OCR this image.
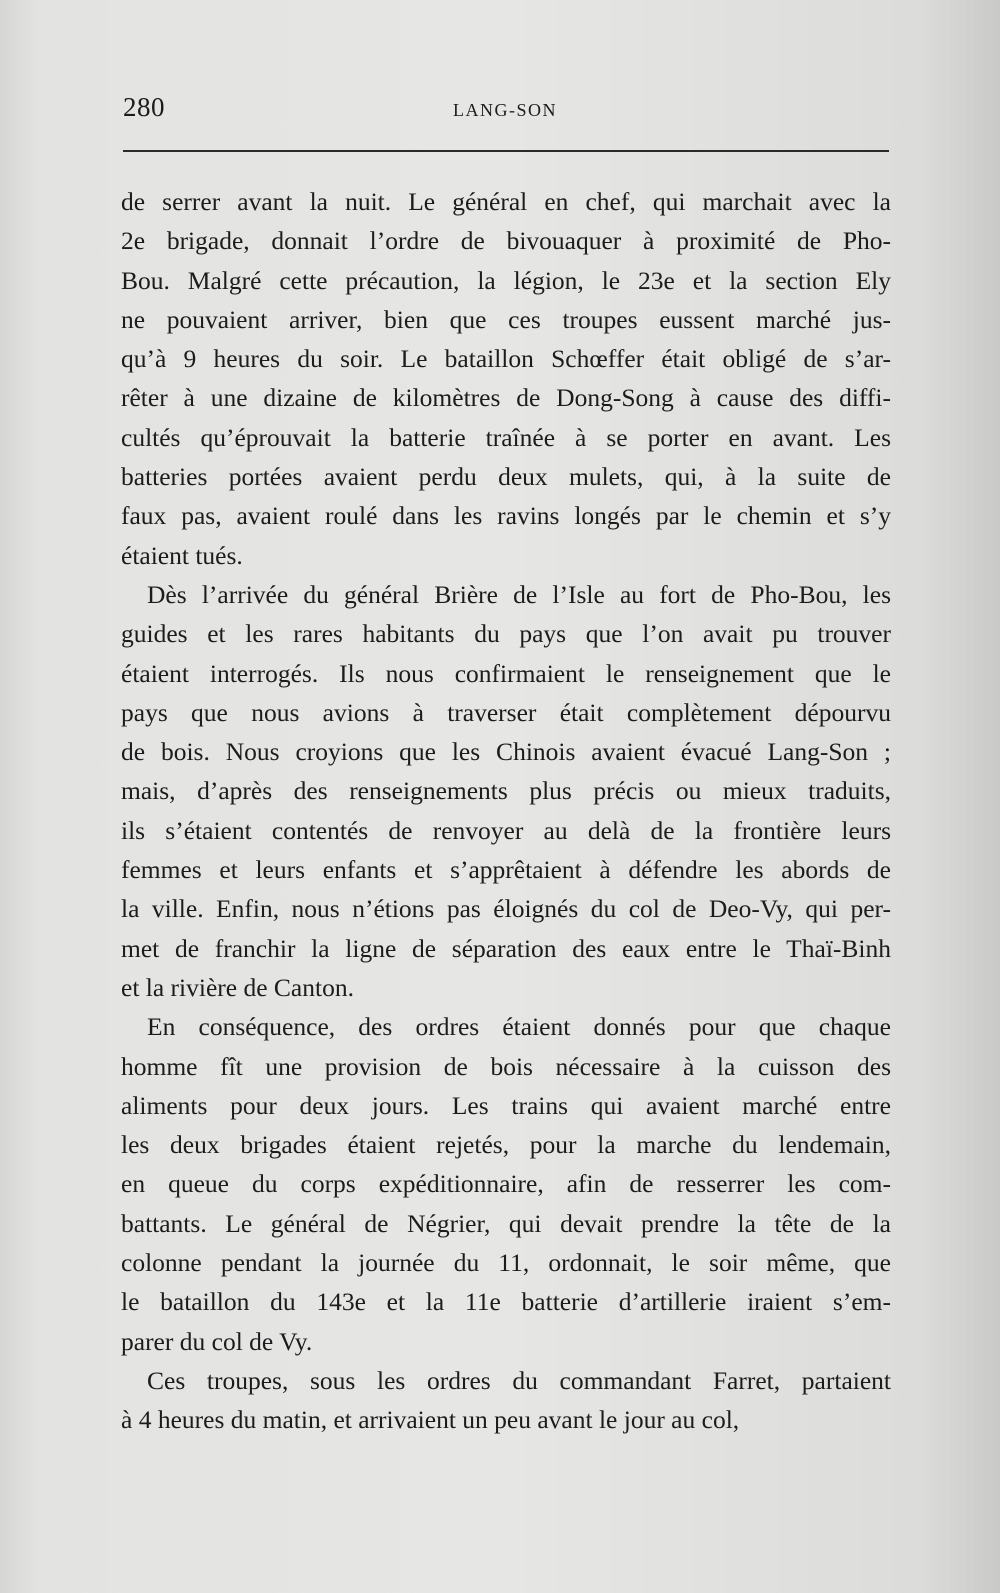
280	LANG-SON
de serrer avant la nuit. Le général en chef, qui marchait avec la
2e brigade, donnait l’ordre de bivouaquer à proximité de Pho-
Bou. Malgré cette précaution, la légion, le 23e et la section Ely
ne pouvaient arriver, bien que ces troupes eussent marché jus-
qu’à 9 heures du soir. Le bataillon Schœffer était obligé de s’ar-
rêter à une dizaine de kilomètres de Dong-Song à cause des diffi-
cultés qu’éprouvait la batterie traînée à se porter en avant. Les
batteries portées avaient perdu deux mulets, qui, à la suite de
faux pas, avaient roulé dans les ravins longés par le chemin et s’y
étaient tués.
Dès l’arrivée du général Brière de l’Isle au fort de Pho-Bou, les
guides et les rares habitants du pays que l’on avait pu trouver
étaient interrogés. Ils nous confirmaient le renseignement que le
pays que nous avions à traverser était complètement dépourvu
de bois. Nous croyions que les Chinois avaient évacué Lang-Son ;
mais, d’après des renseignements plus précis ou mieux traduits,
ils s’étaient contentés de renvoyer au delà de la frontière leurs
femmes et leurs enfants et s’apprêtaient à défendre les abords de
la ville. Enfin, nous n’étions pas éloignés du col de Deo-Vy, qui per-
met de franchir la ligne de séparation des eaux entre le Thaï-Binh
et la rivière de Canton.
En conséquence, des ordres étaient donnés pour que chaque
homme fît une provision de bois nécessaire à la cuisson des
aliments pour deux jours. Les trains qui avaient marché entre
les deux brigades étaient rejetés, pour la marche du lendemain,
en queue du corps expéditionnaire, afin de resserrer les com-
battants. Le général de Négrier, qui devait prendre la tête de la
colonne pendant la journée du 11, ordonnait, le soir même, que
le bataillon du 143e et la 11e batterie d’artillerie iraient s’em-
parer du col de Vy.
Ces troupes, sous les ordres du commandant Farret, partaient
à 4 heures du matin, et arrivaient un peu avant le jour au col,
